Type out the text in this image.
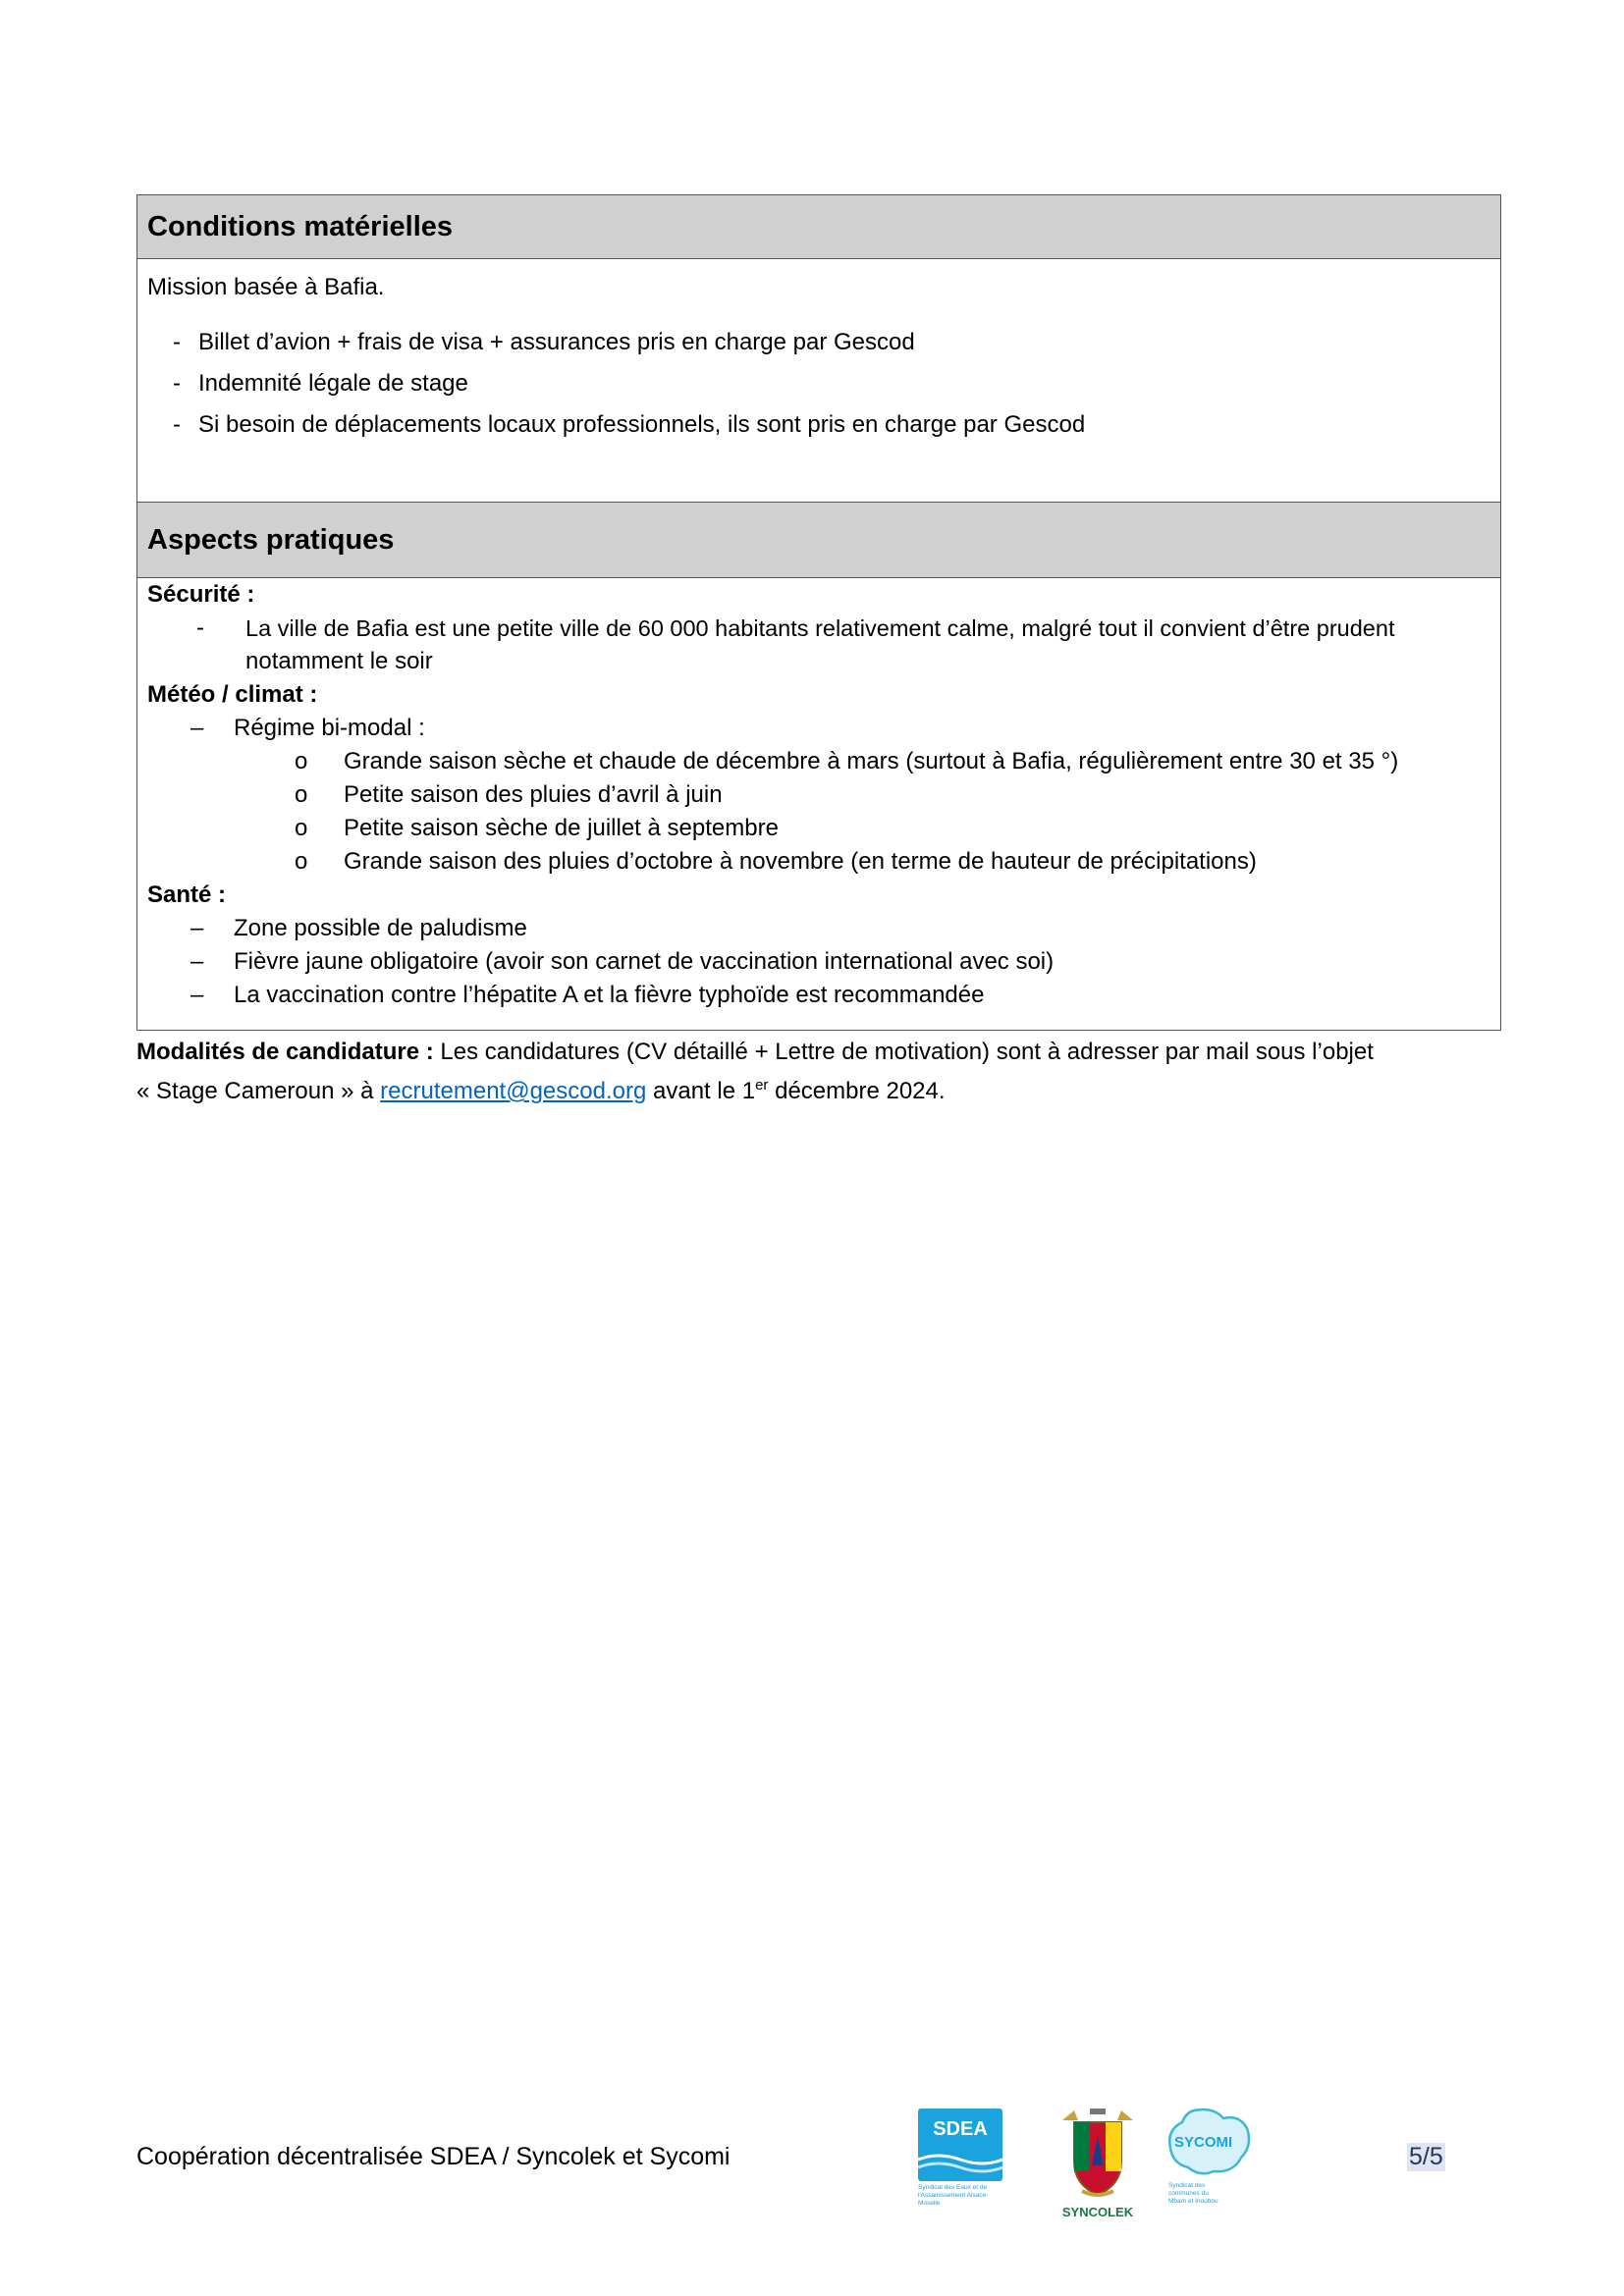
Conditions matérielles
Mission basée à Bafia.
- Billet d’avion + frais de visa + assurances pris en charge par Gescod
- Indemnité légale de stage
- Si besoin de déplacements locaux professionnels, ils sont pris en charge par Gescod
Aspects pratiques
Sécurité :
-	La ville de Bafia est une petite ville de 60 000 habitants relativement calme, malgré tout il convient d’être prudent
notamment le soir
Météo / climat :
–	Régime bi-modal :
o	Grande saison sèche et chaude de décembre à mars (surtout à Bafia, régulièrement entre 30 et 35 °)
o	Petite saison des pluies d’avril à juin
o	Petite saison sèche de juillet à septembre
o	Grande saison des pluies d’octobre à novembre (en terme de hauteur de précipitations)
Santé :
–	Zone possible de paludisme
–	Fièvre jaune obligatoire (avoir son carnet de vaccination international avec soi)
–	La vaccination contre l’hépatite A et la fièvre typhoïde est recommandée
Modalités de candidature : Les candidatures (CV détaillé + Lettre de motivation) sont à adresser par mail sous l’objet
« Stage Cameroun » à recrutement@gescod.org avant le 1er décembre 2024.
Coopération décentralisée SDEA / Syncolek et Sycomi
SDEA
Syndicat des Eaux et de l'Assainissement Alsace-Moselle
SYNCOLEK
SYCOMI
Syndicat des communes du Mbam et Inoubou
5/5
